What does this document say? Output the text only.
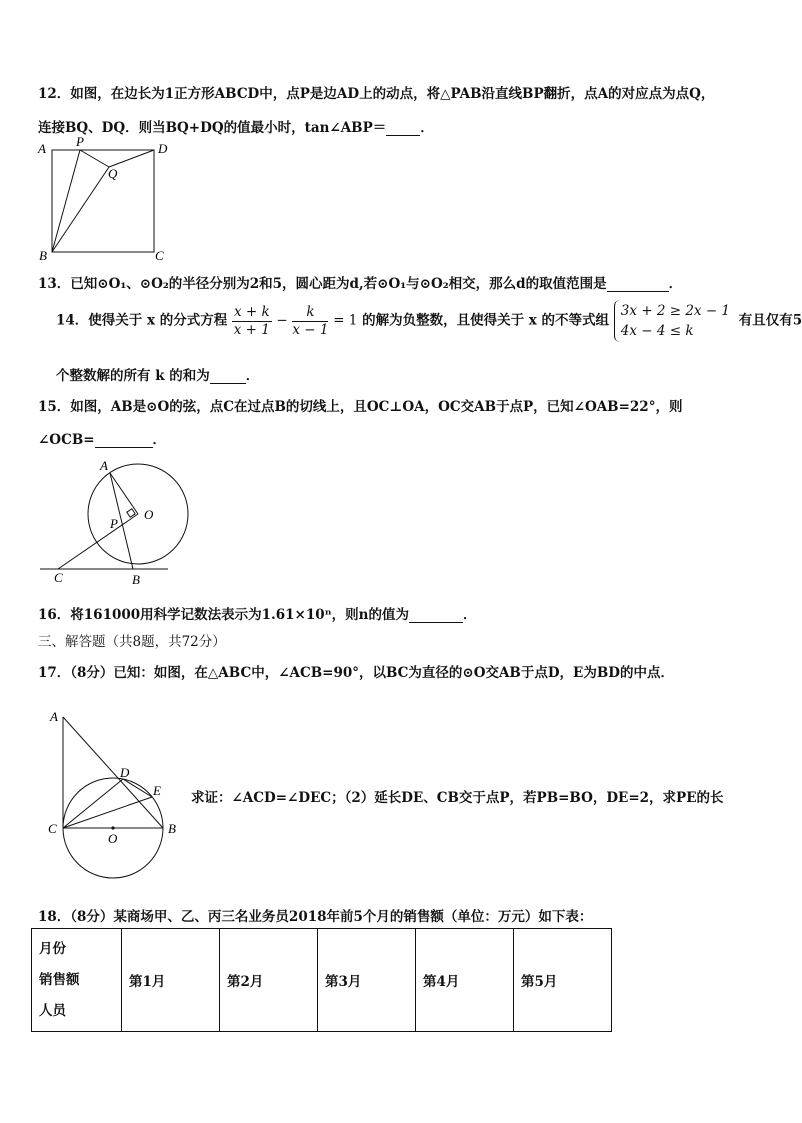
12．如图，在边长为1正方形ABCD中，点P是边AD上的动点，将△PAB沿直线BP翻折，点A的对应点为点Q，
连接BQ、DQ．则当BQ+DQ的值最小时，tan∠ABP＝	．
A P	D
Q
B	C
13．已知⊙O₁、⊙O₂的半径分别为2和5，圆心距为d,若⊙O₁与⊙O₂相交，那么d的取值范围是	．
14．使得关于 x 的分式方程 $\frac{x + k}{x + 1} - \frac{k}{x - 1} = 1$ 的解为负整数，且使得关于 x 的不等式组
3x + 2 ≥ 2x − 1
4x − 4 ≤ k
有且仅有5
个整数解的所有 k 的和为	．
15．如图，AB是⊙O的弦，点C在过点B的切线上，且OC⊥OA，OC交AB于点P，已知∠OAB=22°，则
∠OCB=	．
A
O
P
C	B
16．将161000用科学记数法表示为1.61×10ⁿ，则n的值为	．
三、解答题（共8题，共72分）
17．（8分）已知：如图，在△ABC中，∠ACB=90°，以BC为直径的⊙O交AB于点D，E为BD的中点．
A
D
E
C	B
O
求证：∠ACD=∠DEC；（2）延长DE、CB交于点P，若PB=BO，DE=2，求PE的长
18．（8分）某商场甲、乙、丙三名业务员2018年前5个月的销售额（单位：万元）如下表：
月份
销售额
人员
	第1月	第2月	第3月	第4月	第5月
